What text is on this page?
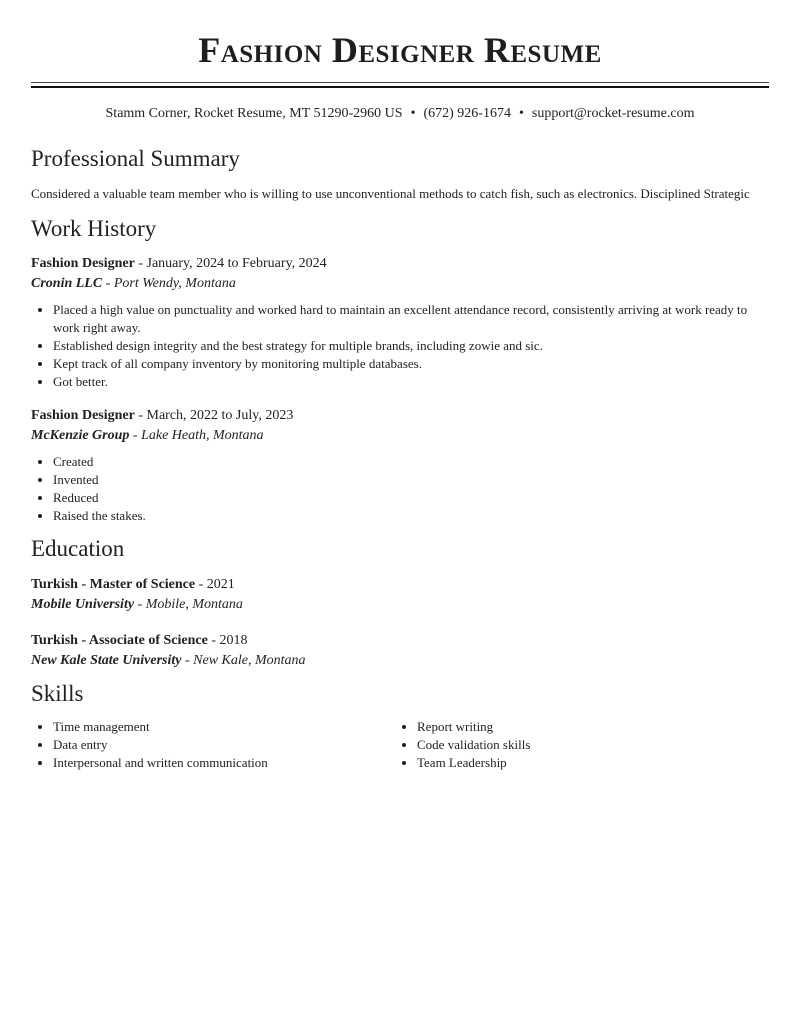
Fashion Designer Resume
Stamm Corner, Rocket Resume, MT 51290-2960 US • (672) 926-1674 • support@rocket-resume.com
Professional Summary
Considered a valuable team member who is willing to use unconventional methods to catch fish, such as electronics. Disciplined Strategic
Work History
Fashion Designer - January, 2024 to February, 2024
Cronin LLC - Port Wendy, Montana
• Placed a high value on punctuality and worked hard to maintain an excellent attendance record, consistently arriving at work ready to work right away.
• Established design integrity and the best strategy for multiple brands, including zowie and sic.
• Kept track of all company inventory by monitoring multiple databases.
• Got better.
Fashion Designer - March, 2022 to July, 2023
McKenzie Group - Lake Heath, Montana
• Created
• Invented
• Reduced
• Raised the stakes.
Education
Turkish - Master of Science - 2021
Mobile University - Mobile, Montana
Turkish - Associate of Science - 2018
New Kale State University - New Kale, Montana
Skills
• Time management
• Data entry
• Interpersonal and written communication
• Report writing
• Code validation skills
• Team Leadership
